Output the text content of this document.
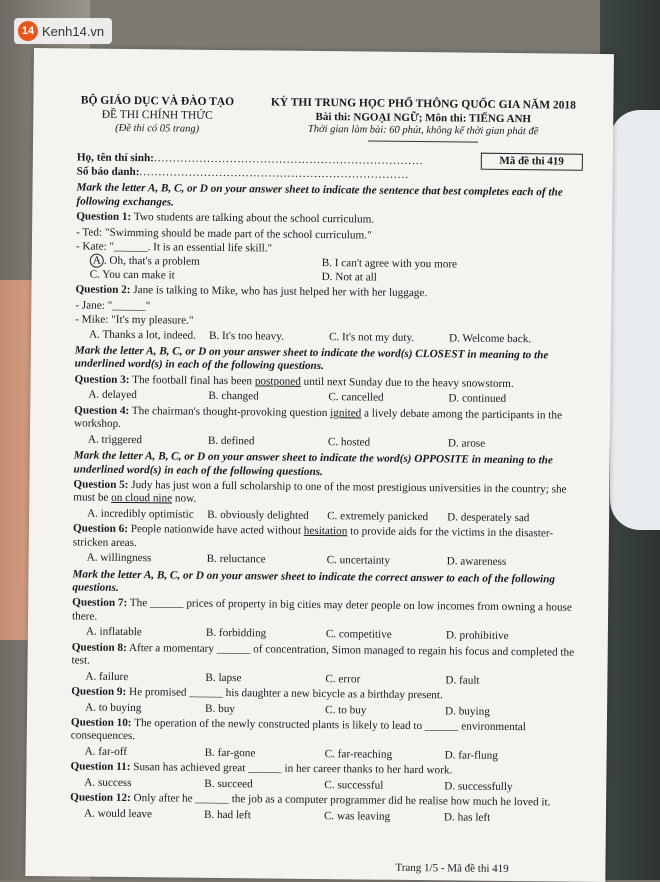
14 Kenh14.vn
BỘ GIÁO DỤC VÀ ĐÀO TẠO
ĐỀ THI CHÍNH THỨC
(Đề thi có 05 trang)
KỲ THI TRUNG HỌC PHỔ THÔNG QUỐC GIA NĂM 2018
Bài thi: NGOẠI NGỮ; Môn thi: TIẾNG ANH
Thời gian làm bài: 60 phút, không kể thời gian phát đề
Họ, tên thí sinh: .......................................................................	Mã đề thi 419
Số báo danh: .......................................................................
Mark the letter A, B, C, or D on your answer sheet to indicate the sentence that best completes each of the following exchanges.
Question 1: Two students are talking about the school curriculum.
- Ted: "Swimming should be made part of the school curriculum."
- Kate: "______. It is an essential life skill."
A . Oh, that's a problem	B. I can't agree with you more
C. You can make it	D. Not at all
Question 2: Jane is talking to Mike, who has just helped her with her luggage.
- Jane: "______"
- Mike: "It's my pleasure."
A. Thanks a lot, indeed.	B. It's too heavy.	C. It's not my duty.	D. Welcome back.
Mark the letter A, B, C, or D on your answer sheet to indicate the word(s) CLOSEST in meaning to the underlined word(s) in each of the following questions.
Question 3: The football final has been postponed until next Sunday due to the heavy snowstorm.
A. delayed	B. changed	C. cancelled	D. continued
Question 4: The chairman's thought-provoking question ignited a lively debate among the participants in the workshop.
A. triggered	B. defined	C. hosted	D. arose
Mark the letter A, B, C, or D on your answer sheet to indicate the word(s) OPPOSITE in meaning to the underlined word(s) in each of the following questions.
Question 5: Judy has just won a full scholarship to one of the most prestigious universities in the country; she must be on cloud nine now.
A. incredibly optimistic	B. obviously delighted	C. extremely panicked	D. desperately sad
Question 6: People nationwide have acted without hesitation to provide aids for the victims in the disaster-stricken areas.
A. willingness	B. reluctance	C. uncertainty	D. awareness
Mark the letter A, B, C, or D on your answer sheet to indicate the correct answer to each of the following questions.
Question 7: The ______ prices of property in big cities may deter people on low incomes from owning a house there.
A. inflatable	B. forbidding	C. competitive	D. prohibitive
Question 8: After a momentary ______ of concentration, Simon managed to regain his focus and completed the test.
A. failure	B. lapse	C. error	D. fault
Question 9: He promised ______ his daughter a new bicycle as a birthday present.
A. to buying	B. buy	C. to buy	D. buying
Question 10: The operation of the newly constructed plants is likely to lead to ______ environmental consequences.
A. far-off	B. far-gone	C. far-reaching	D. far-flung
Question 11: Susan has achieved great ______ in her career thanks to her hard work.
A. success	B. succeed	C. successful	D. successfully
Question 12: Only after he ______ the job as a computer programmer did he realise how much he loved it.
A. would leave	B. had left	C. was leaving	D. has left
Trang 1/5 - Mã đề thi 419
